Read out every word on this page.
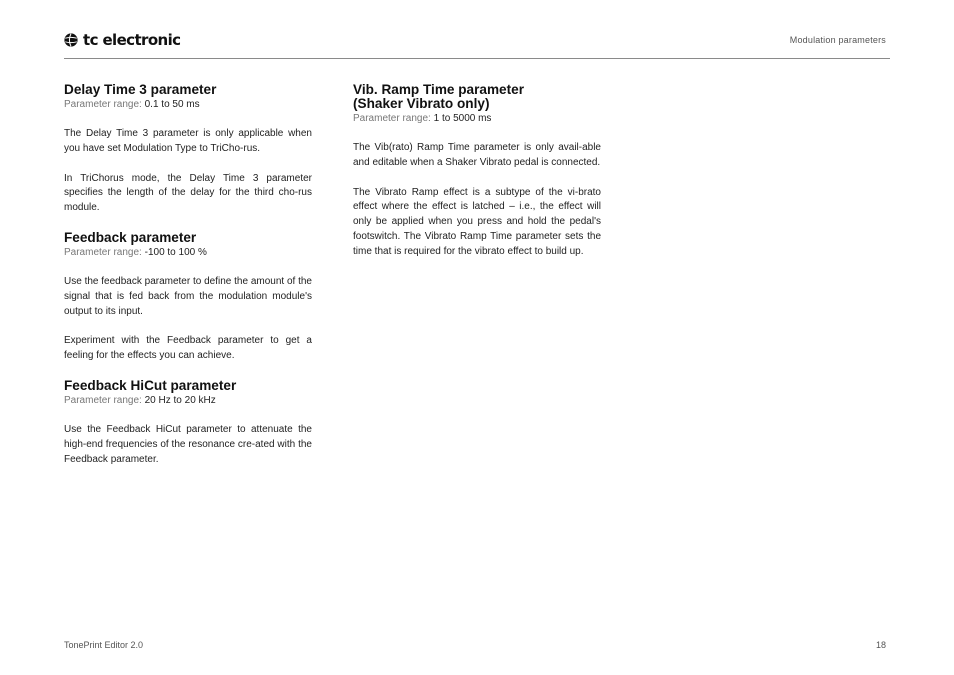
tc electronic	Modulation parameters
Delay Time 3 parameter

Parameter range: 0.1 to 50 ms

The Delay Time 3 parameter is only applicable when you have set Modulation Type to TriCho-rus.

In TriChorus mode, the Delay Time 3 parameter specifies the length of the delay for the third cho-rus module.

Feedback parameter

Parameter range: -100 to 100 %

Use the feedback parameter to define the amount of the signal that is fed back from the modulation module's output to its input.

Experiment with the Feedback parameter to get a feeling for the effects you can achieve.

Feedback HiCut parameter

Parameter range: 20 Hz to 20 kHz

Use the Feedback HiCut parameter to attenuate the high-end frequencies of the resonance cre-ated with the Feedback parameter.

Vib. Ramp Time parameter
(Shaker Vibrato only)

Parameter range: 1 to 5000 ms

The Vib(rato) Ramp Time parameter is only avail-able and editable when a Shaker Vibrato pedal is connected.

The Vibrato Ramp effect is a subtype of the vi-brato effect where the effect is latched – i.e., the effect will only be applied when you press and hold the pedal's footswitch. The Vibrato Ramp Time parameter sets the time that is required for the vibrato effect to build up.

TonePrint Editor 2.0	18
